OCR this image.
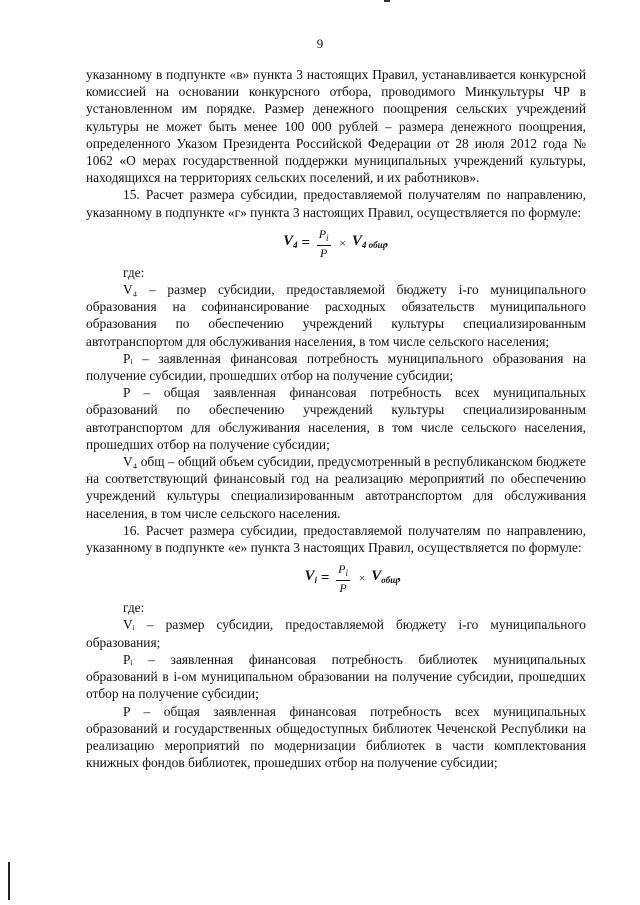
9

указанному в подпункте «в» пункта 3 настоящих Правил, устанавливается конкурсной комиссией на основании конкурсного отбора, проводимого Минкультуры ЧР в установленном им порядке. Размер денежного поощрения сельских учреждений культуры не может быть менее 100 000 рублей – размера денежного поощрения, определенного Указом Президента Российской Федерации от 28 июля 2012 года № 1062 «О мерах государственной поддержки муниципальных учреждений культуры, находящихся на территориях сельских поселений, и их работников».

15. Расчет размера субсидии, предоставляемой получателям по направлению, указанному в подпункте «г» пункта 3 настоящих Правил, осуществляется по формуле:

$V_4 = \frac{P_i}{P} \times V_{4 общ}$,

где:

V₄ – размер субсидии, предоставляемой бюджету i-го муниципального образования на софинансирование расходных обязательств муниципального образования по обеспечению учреждений культуры специализированным автотранспортом для обслуживания населения, в том числе сельского населения;

Pᵢ – заявленная финансовая потребность муниципального образования на получение субсидии, прошедших отбор на получение субсидии;

P – общая заявленная финансовая потребность всех муниципальных образований по обеспечению учреждений культуры специализированным автотранспортом для обслуживания населения, в том числе сельского населения, прошедших отбор на получение субсидии;

V₄ общ – общий объем субсидии, предусмотренный в республиканском бюджете на соответствующий финансовый год на реализацию мероприятий по обеспечению учреждений культуры специализированным автотранспортом для обслуживания населения, в том числе сельского населения.

16. Расчет размера субсидии, предоставляемой получателям по направлению, указанному в подпункте «е» пункта 3 настоящих Правил, осуществляется по формуле:

$V_i = \frac{P_i}{P} \times V_{общ}$,

где:

Vᵢ – размер субсидии, предоставляемой бюджету i-го муниципального образования;

Pᵢ – заявленная финансовая потребность библиотек муниципальных образований в i-ом муниципальном образовании на получение субсидии, прошедших отбор на получение субсидии;

P – общая заявленная финансовая потребность всех муниципальных образований и государственных общедоступных библиотек Чеченской Республики на реализацию мероприятий по модернизации библиотек в части комплектования книжных фондов библиотек, прошедших отбор на получение субсидии;
